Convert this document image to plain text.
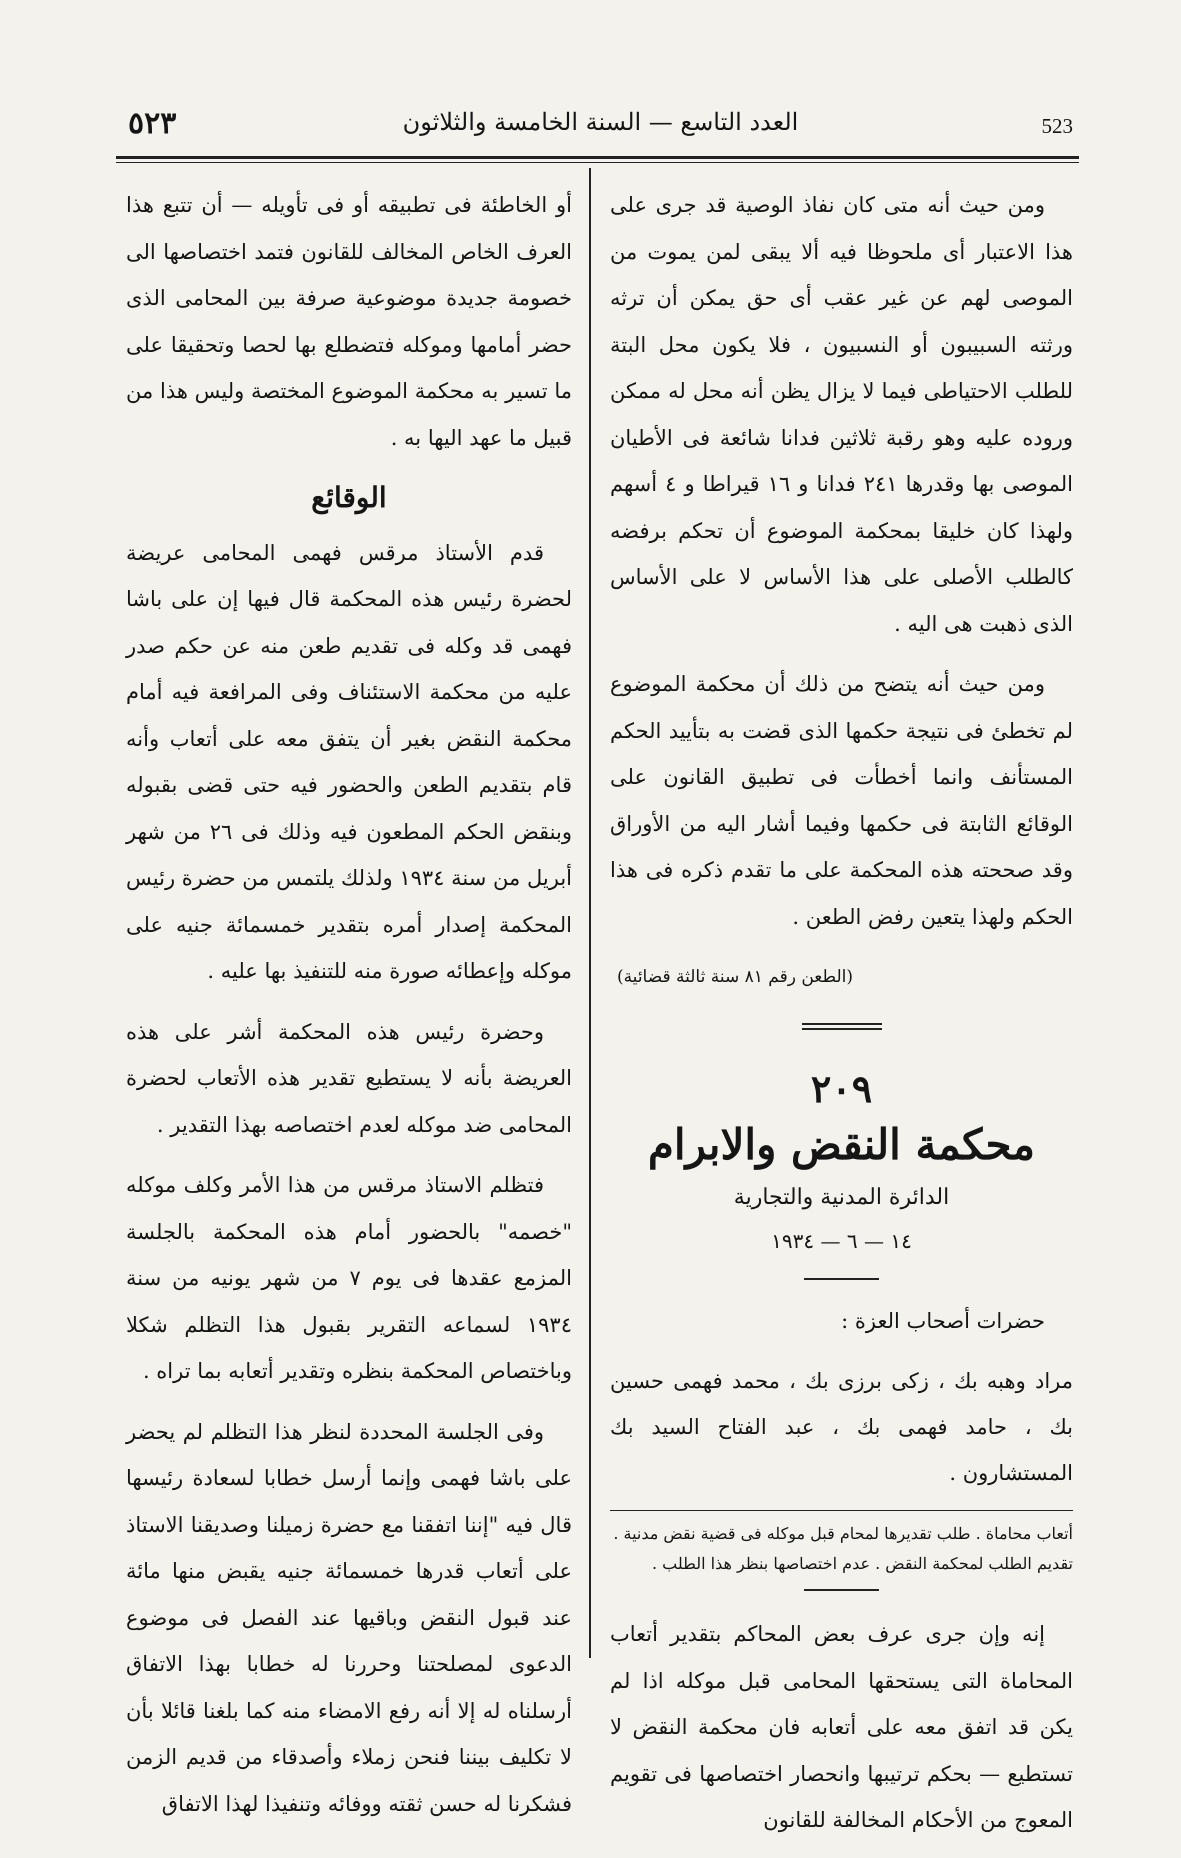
٥٢٣	العدد التاسع — السنة الخامسة والثلاثون	523

ومن حيث أنه متى كان نفاذ الوصية قد جرى على هذا الاعتبار أى ملحوظا فيه ألا يبقى لمن يموت من الموصى لهم عن غير عقب أى حق يمكن أن ترثه ورثته السبيبون أو النسبيون ، فلا يكون محل البتة للطلب الاحتياطى فيما لا يزال يظن أنه محل له ممكن وروده عليه وهو رقبة ثلاثين فدانا شائعة فى الأطيان الموصى بها وقدرها ٢٤١ فدانا و ١٦ قيراطا و ٤ أسهم ولهذا كان خليقا بمحكمة الموضوع أن تحكم برفضه كالطلب الأصلى على هذا الأساس لا على الأساس الذى ذهبت هى اليه .

ومن حيث أنه يتضح من ذلك أن محكمة الموضوع لم تخطئ فى نتيجة حكمها الذى قضت به بتأييد الحكم المستأنف وانما أخطأت فى تطبيق القانون على الوقائع الثابتة فى حكمها وفيما أشار اليه من الأوراق وقد صححته هذه المحكمة على ما تقدم ذكره فى هذا الحكم ولهذا يتعين رفض الطعن .

(الطعن رقم ٨١ سنة ثالثة قضائية)
٢٠٩
محكمة النقض والابرام
الدائرة المدنية والتجارية
١٤ — ٦ — ١٩٣٤

حضرات أصحاب العزة :

مراد وهبه بك ، زكى برزى بك ، محمد فهمى حسين بك ، حامد فهمى بك ، عبد الفتاح السيد بك المستشارون .

أتعاب محاماة . طلب تقديرها لمحام قبل موكله فى قضية نقض مدنية .

تقديم الطلب لمحكمة النقض . عدم اختصاصها بنظر هذا الطلب .

إنه وإن جرى عرف بعض المحاكم بتقدير أتعاب المحاماة التى يستحقها المحامى قبل موكله اذا لم يكن قد اتفق معه على أتعابه فان محكمة النقض لا تستطيع — بحكم ترتيبها وانحصار اختصاصها فى تقويم المعوج من الأحكام المخالفة للقانون

أو الخاطئة فى تطبيقه أو فى تأويله — أن تتبع هذا العرف الخاص المخالف للقانون فتمد اختصاصها الى خصومة جديدة موضوعية صرفة بين المحامى الذى حضر أمامها وموكله فتضطلع بها لحصا وتحقيقا على ما تسير به محكمة الموضوع المختصة وليس هذا من قبيل ما عهد اليها به .

الوقائع

قدم الأستاذ مرقس فهمى المحامى عريضة لحضرة رئيس هذه المحكمة قال فيها إن على باشا فهمى قد وكله فى تقديم طعن منه عن حكم صدر عليه من محكمة الاستئناف وفى المرافعة فيه أمام محكمة النقض بغير أن يتفق معه على أتعاب وأنه قام بتقديم الطعن والحضور فيه حتى قضى بقبوله وبنقض الحكم المطعون فيه وذلك فى ٢٦ من شهر أبريل من سنة ١٩٣٤ ولذلك يلتمس من حضرة رئيس المحكمة إصدار أمره بتقدير خمسمائة جنيه على موكله وإعطائه صورة منه للتنفيذ بها عليه .

وحضرة رئيس هذه المحكمة أشر على هذه العريضة بأنه لا يستطيع تقدير هذه الأتعاب لحضرة المحامى ضد موكله لعدم اختصاصه بهذا التقدير .

فتظلم الاستاذ مرقس من هذا الأمر وكلف موكله "خصمه" بالحضور أمام هذه المحكمة بالجلسة المزمع عقدها فى يوم ٧ من شهر يونيه من سنة ١٩٣٤ لسماعه التقرير بقبول هذا التظلم شكلا وباختصاص المحكمة بنظره وتقدير أتعابه بما تراه .

وفى الجلسة المحددة لنظر هذا التظلم لم يحضر على باشا فهمى وإنما أرسل خطابا لسعادة رئيسها قال فيه "إننا اتفقنا مع حضرة زميلنا وصديقنا الاستاذ على أتعاب قدرها خمسمائة جنيه يقبض منها مائة عند قبول النقض وباقيها عند الفصل فى موضوع الدعوى لمصلحتنا وحررنا له خطابا بهذا الاتفاق أرسلناه له إلا أنه رفع الامضاء منه كما بلغنا قائلا بأن لا تكليف بيننا فنحن زملاء وأصدقاء من قديم الزمن فشكرنا له حسن ثقته ووفائه وتنفيذا لهذا الاتفاق
